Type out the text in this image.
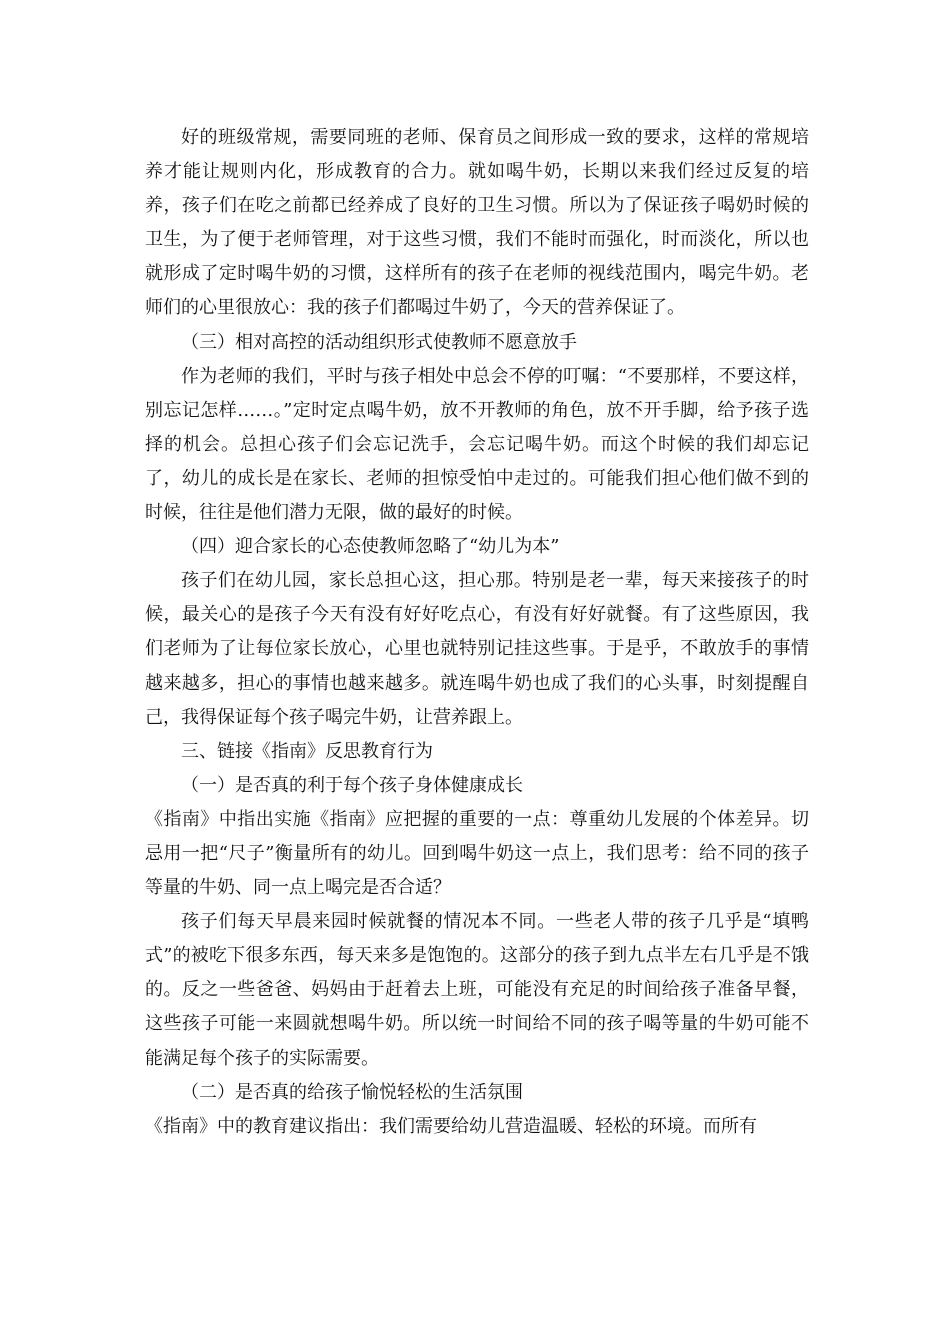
好的班级常规，需要同班的老师、保育员之间形成一致的要求，这样的常规培养才能让规则内化，形成教育的合力。就如喝牛奶，长期以来我们经过反复的培养，孩子们在吃之前都已经养成了良好的卫生习惯。所以为了保证孩子喝奶时候的卫生，为了便于老师管理，对于这些习惯，我们不能时而强化，时而淡化，所以也就形成了定时喝牛奶的习惯，这样所有的孩子在老师的视线范围内，喝完牛奶。老师们的心里很放心：我的孩子们都喝过牛奶了，今天的营养保证了。

（三）相对高控的活动组织形式使教师不愿意放手

作为老师的我们，平时与孩子相处中总会不停的叮嘱：“不要那样，不要这样，别忘记怎样……。”定时定点喝牛奶，放不开教师的角色，放不开手脚，给予孩子选择的机会。总担心孩子们会忘记洗手，会忘记喝牛奶。而这个时候的我们却忘记了，幼儿的成长是在家长、老师的担惊受怕中走过的。可能我们担心他们做不到的时候，往往是他们潜力无限，做的最好的时候。

（四）迎合家长的心态使教师忽略了“幼儿为本”

孩子们在幼儿园，家长总担心这，担心那。特别是老一辈，每天来接孩子的时候，最关心的是孩子今天有没有好好吃点心，有没有好好就餐。有了这些原因，我们老师为了让每位家长放心，心里也就特别记挂这些事。于是乎，不敢放手的事情越来越多，担心的事情也越来越多。就连喝牛奶也成了我们的心头事，时刻提醒自己，我得保证每个孩子喝完牛奶，让营养跟上。

三、链接《指南》反思教育行为

（一）是否真的利于每个孩子身体健康成长

《指南》中指出实施《指南》应把握的重要的一点：尊重幼儿发展的个体差异。切忌用一把“尺子”衡量所有的幼儿。回到喝牛奶这一点上，我们思考：给不同的孩子等量的牛奶、同一点上喝完是否合适？

孩子们每天早晨来园时候就餐的情况本不同。一些老人带的孩子几乎是“填鸭式”的被吃下很多东西，每天来多是饱饱的。这部分的孩子到九点半左右几乎是不饿的。反之一些爸爸、妈妈由于赶着去上班，可能没有充足的时间给孩子准备早餐，这些孩子可能一来圆就想喝牛奶。所以统一时间给不同的孩子喝等量的牛奶可能不能满足每个孩子的实际需要。

（二）是否真的给孩子愉悦轻松的生活氛围

《指南》中的教育建议指出：我们需要给幼儿营造温暖、轻松的环境。而所有
